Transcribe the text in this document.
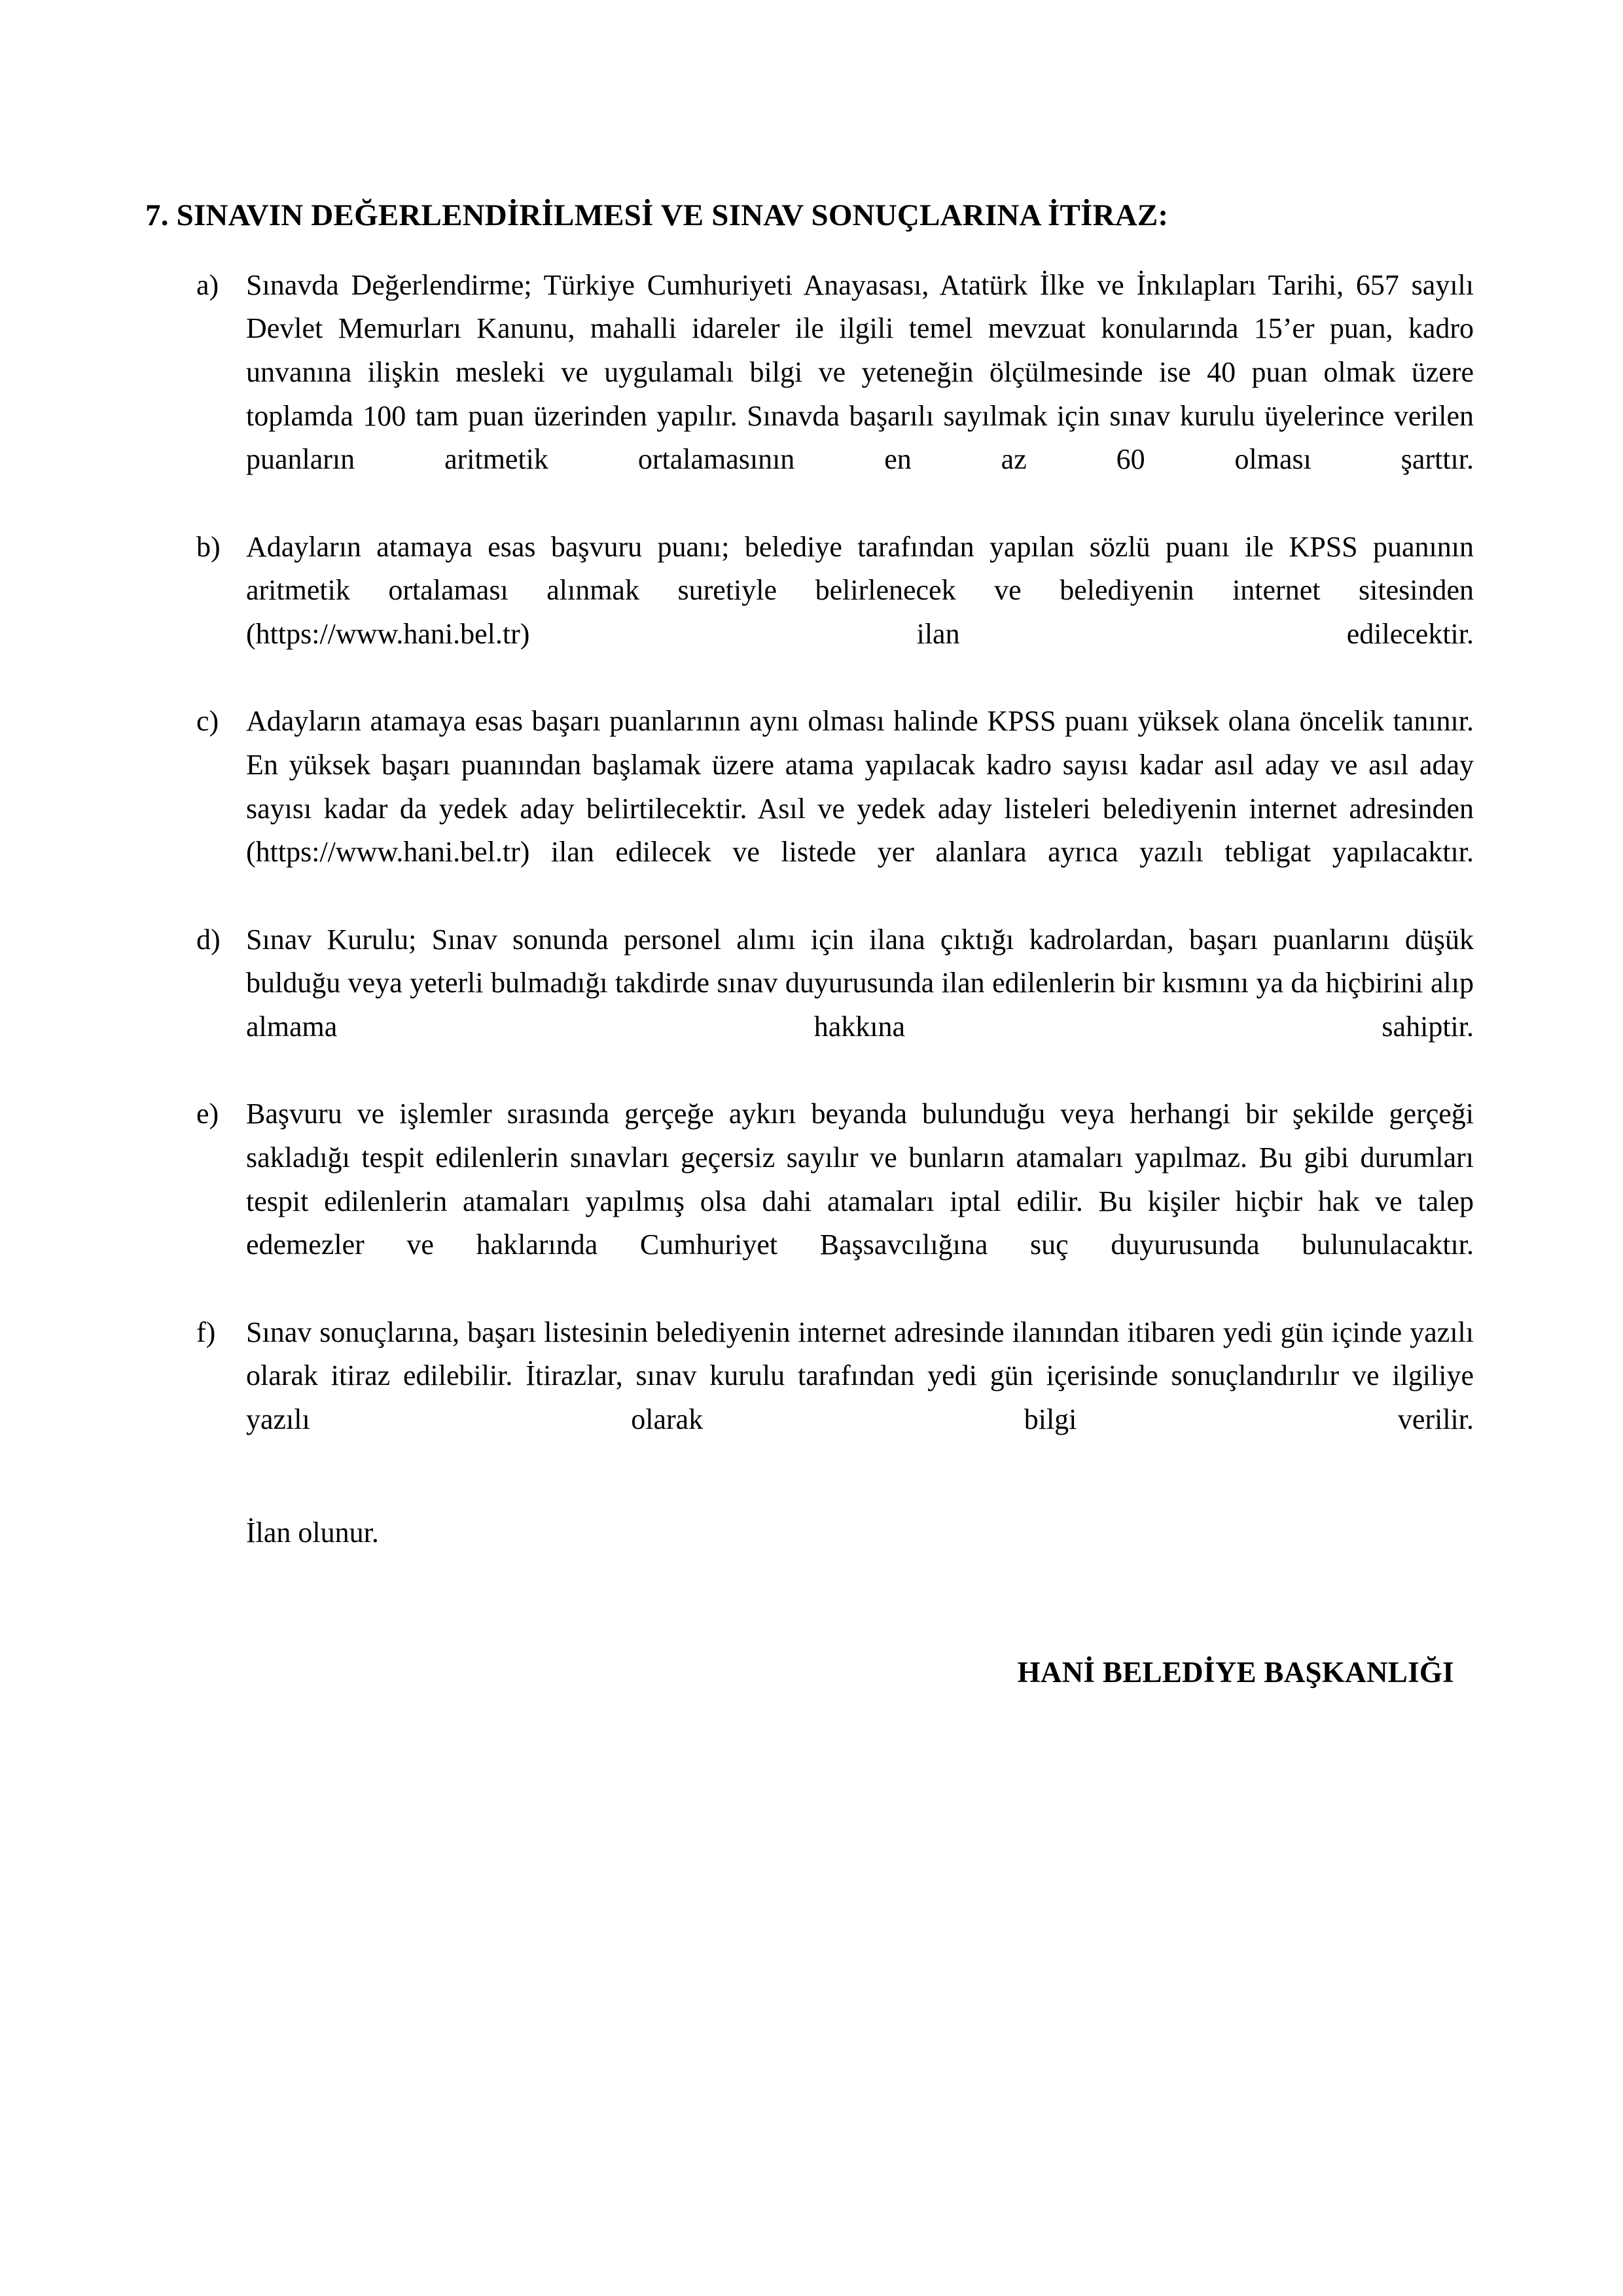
7. SINAVIN DEĞERLENDİRİLMESİ VE SINAV SONUÇLARINA İTİRAZ:
a) Sınavda Değerlendirme; Türkiye Cumhuriyeti Anayasası, Atatürk İlke ve İnkılapları Tarihi, 657 sayılı Devlet Memurları Kanunu, mahalli idareler ile ilgili temel mevzuat konularında 15’er puan, kadro unvanına ilişkin mesleki ve uygulamalı bilgi ve yeteneğin ölçülmesinde ise 40 puan olmak üzere toplamda 100 tam puan üzerinden yapılır. Sınavda başarılı sayılmak için sınav kurulu üyelerince verilen puanların aritmetik ortalamasının en az 60 olması şarttır.
b) Adayların atamaya esas başvuru puanı; belediye tarafından yapılan sözlü puanı ile KPSS puanının aritmetik ortalaması alınmak suretiyle belirlenecek ve belediyenin internet sitesinden (https://www.hani.bel.tr) ilan edilecektir.
c) Adayların atamaya esas başarı puanlarının aynı olması halinde KPSS puanı yüksek olana öncelik tanınır. En yüksek başarı puanından başlamak üzere atama yapılacak kadro sayısı kadar asıl aday ve asıl aday sayısı kadar da yedek aday belirtilecektir. Asıl ve yedek aday listeleri belediyenin internet adresinden (https://www.hani.bel.tr) ilan edilecek ve listede yer alanlara ayrıca yazılı tebligat yapılacaktır.
d) Sınav Kurulu; Sınav sonunda personel alımı için ilana çıktığı kadrolardan, başarı puanlarını düşük bulduğu veya yeterli bulmadığı takdirde sınav duyurusunda ilan edilenlerin bir kısmını ya da hiçbirini alıp almama hakkına sahiptir.
e) Başvuru ve işlemler sırasında gerçeğe aykırı beyanda bulunduğu veya herhangi bir şekilde gerçeği sakladığı tespit edilenlerin sınavları geçersiz sayılır ve bunların atamaları yapılmaz. Bu gibi durumları tespit edilenlerin atamaları yapılmış olsa dahi atamaları iptal edilir. Bu kişiler hiçbir hak ve talep edemezler ve haklarında Cumhuriyet Başsavcılığına suç duyurusunda bulunulacaktır.
f)	Sınav sonuçlarına, başarı listesinin belediyenin internet adresinde ilanından itibaren yedi gün içinde yazılı olarak itiraz edilebilir. İtirazlar, sınav kurulu tarafından yedi gün içerisinde sonuçlandırılır ve ilgiliye yazılı olarak bilgi verilir.

İlan olunur.

HANİ BELEDİYE BAŞKANLIĞI
